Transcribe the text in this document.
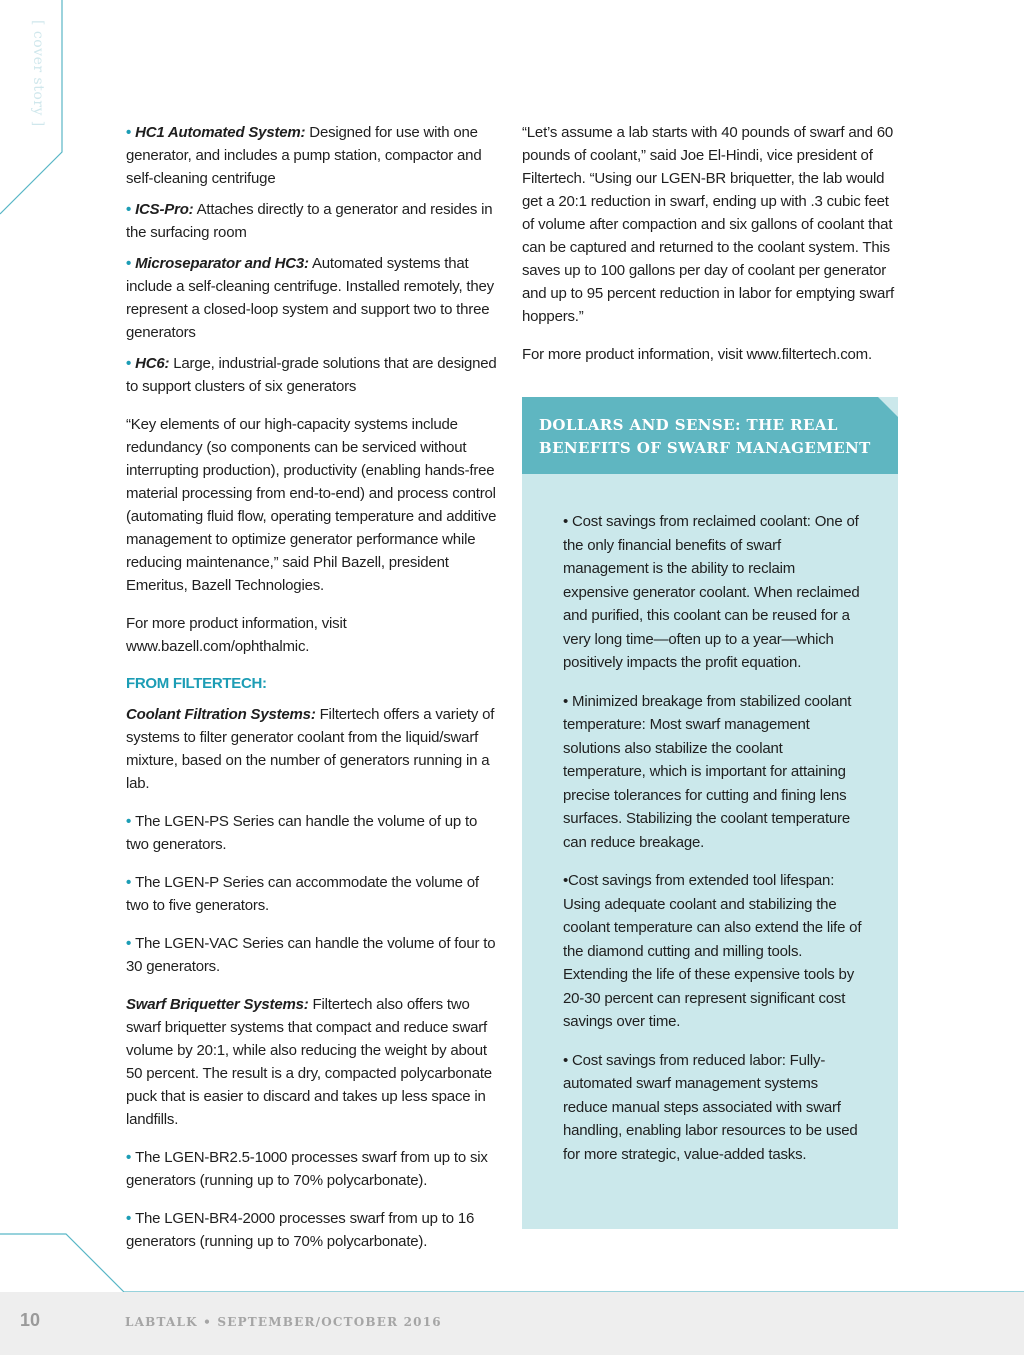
[ cover story ]

• HC1 Automated System: Designed for use with one generator, and includes a pump station, compactor and self-cleaning centrifuge

• ICS-Pro: Attaches directly to a generator and resides in the surfacing room

• Microseparator and HC3: Automated systems that include a self-cleaning centrifuge. Installed remotely, they represent a closed-loop system and support two to three generators

• HC6: Large, industrial-grade solutions that are designed to support clusters of six generators

“Key elements of our high-capacity systems include redundancy (so components can be serviced without interrupting production), productivity (enabling hands-free material processing from end-to-end) and process control (automating fluid flow, operating temperature and additive management to optimize generator performance while reducing maintenance,” said Phil Bazell, president Emeritus, Bazell Technologies.

For more product information, visit www.bazell.com/ophthalmic.

FROM FILTERTECH:

Coolant Filtration Systems: Filtertech offers a variety of systems to filter generator coolant from the liquid/swarf mixture, based on the number of generators running in a lab.

• The LGEN-PS Series can handle the volume of up to two generators.

• The LGEN-P Series can accommodate the volume of two to five generators.

• The LGEN-VAC Series can handle the volume of four to 30 generators.

Swarf Briquetter Systems: Filtertech also offers two swarf briquetter systems that compact and reduce swarf volume by 20:1, while also reducing the weight by about 50 percent. The result is a dry, compacted polycarbonate puck that is easier to discard and takes up less space in landfills.

• The LGEN-BR2.5-1000 processes swarf from up to six generators (running up to 70% polycarbonate).

• The LGEN-BR4-2000 processes swarf from up to 16 generators (running up to 70% polycarbonate).

“Let’s assume a lab starts with 40 pounds of swarf and 60 pounds of coolant,” said Joe El-Hindi, vice president of Filtertech. “Using our LGEN-BR briquetter, the lab would get a 20:1 reduction in swarf, ending up with .3 cubic feet of volume after compaction and six gallons of coolant that can be captured and returned to the coolant system. This saves up to 100 gallons per day of coolant per generator and up to 95 percent reduction in labor for emptying swarf hoppers.”

For more product information, visit www.filtertech.com.

DOLLARS AND SENSE: THE REAL BENEFITS OF SWARF MANAGEMENT

• Cost savings from reclaimed coolant: One of the only financial benefits of swarf management is the ability to reclaim expensive generator coolant. When reclaimed and purified, this coolant can be reused for a very long time—often up to a year—which positively impacts the profit equation.

• Minimized breakage from stabilized coolant temperature: Most swarf management solutions also stabilize the coolant temperature, which is important for attaining precise tolerances for cutting and fining lens surfaces. Stabilizing the coolant temperature can reduce breakage.

•Cost savings from extended tool lifespan: Using adequate coolant and stabilizing the coolant temperature can also extend the life of the diamond cutting and milling tools. Extending the life of these expensive tools by 20-30 percent can represent significant cost savings over time.

• Cost savings from reduced labor: Fully-automated swarf management systems reduce manual steps associated with swarf handling, enabling labor resources to be used for more strategic, value-added tasks.

10	LABTALK • SEPTEMBER/OCTOBER 2016
